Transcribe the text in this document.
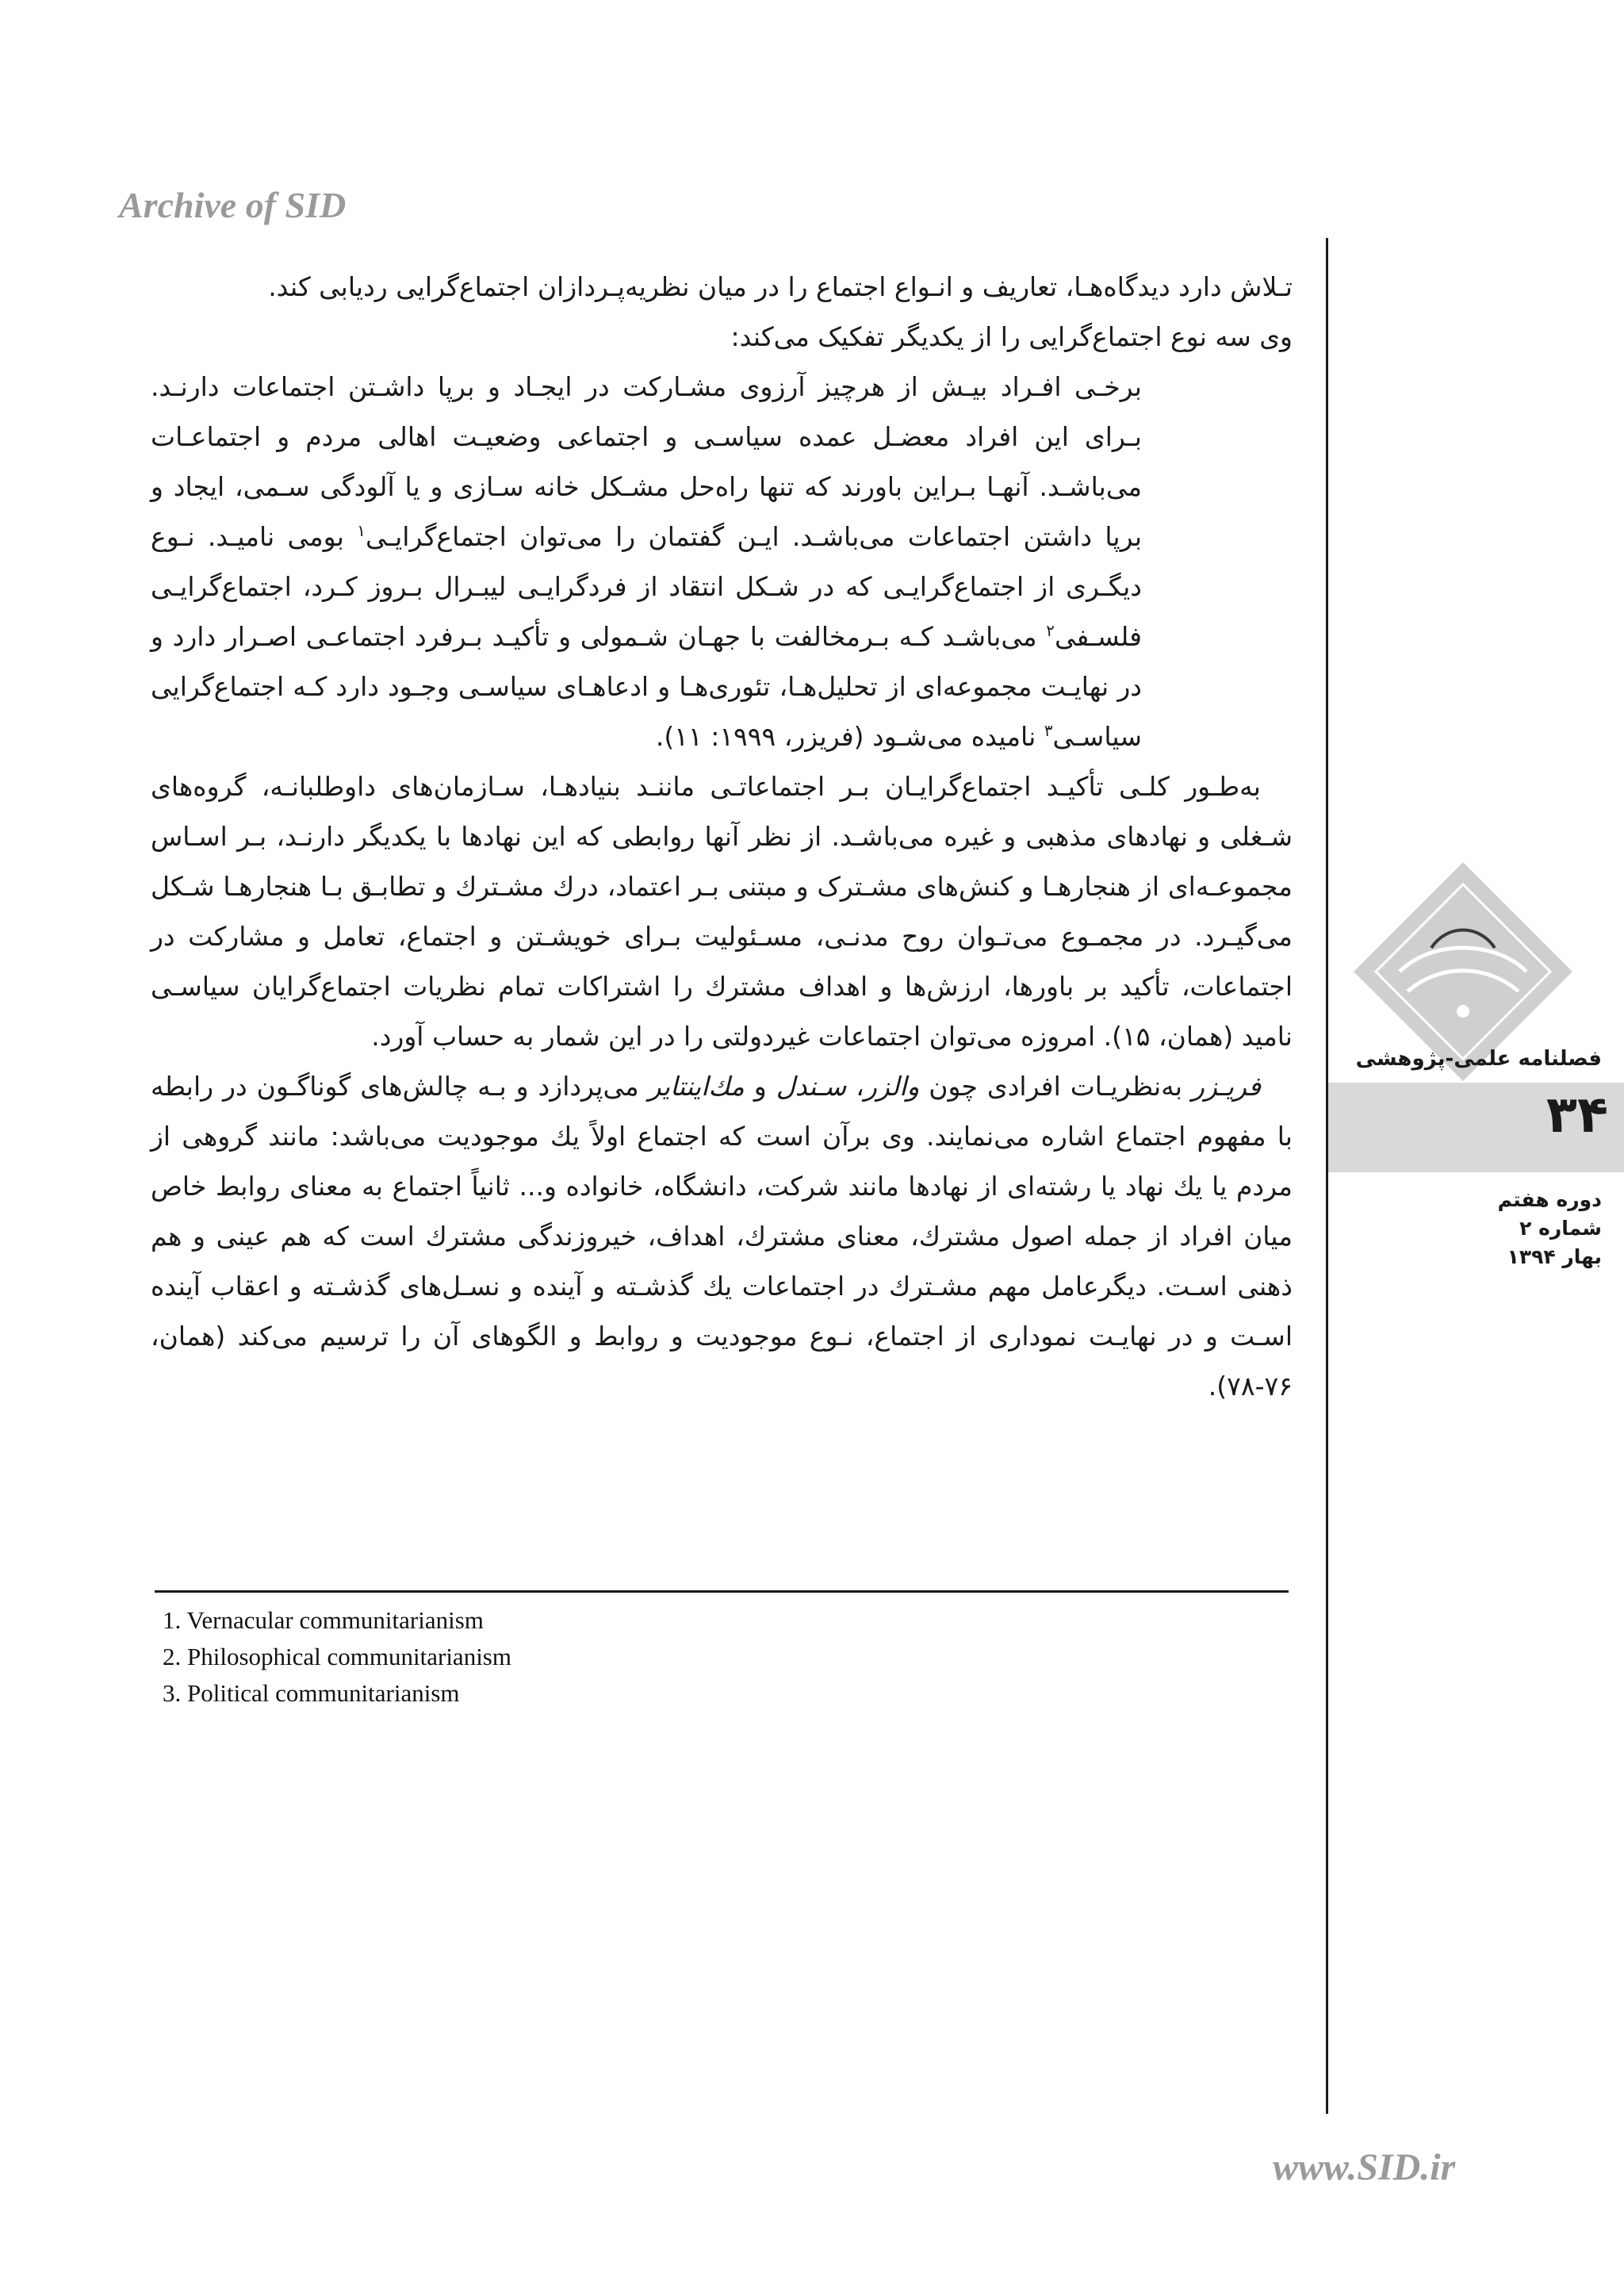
Archive of SID

تـلاش دارد دیدگاه‌هـا، تعاریف و انـواع اجتماع را در میان نظریه‌پـردازان اجتماع‌گرایی ردیابی کند.

وی سه نوع اجتماع‌گرایی را از یکدیگر تفکیک می‌کند:

برخـی افـراد بیـش از هرچیز آرزوی مشـارکت در ایجـاد و برپا داشـتن اجتماعات دارنـد. بـرای این افراد معضـل عمده سیاسـی و اجتماعی وضعیـت اهالی مردم و اجتماعـات می‌باشـد. آنهـا بـراین باورند که تنها راه‌حل مشـکل خانه سـازی و یا آلودگی سـمی، ایجاد و برپا داشتن اجتماعات می‌باشـد. ایـن گفتمان را می‌توان اجتماع‌گرایـی$^۱$ بومی نامیـد. نـوع دیگـری از اجتماع‌گرایـی که در شـکل انتقاد از فردگرایـی لیبـرال بـروز کـرد، اجتماع‌گرایـی فلسـفی$^۲$ می‌باشـد کـه بـرمخالفت با جهـان شـمولی و تأکیـد بـرفرد اجتماعـی اصـرار دارد و در نهایـت مجموعه‌ای از تحلیل‌هـا، تئوری‌هـا و ادعاهـای سیاسـی وجـود دارد کـه اجتماع‌گرایی سیاسـی$^۳$ نامیده می‌شـود (فریزر، ۱۹۹۹: ۱۱).

به‌طـور کلـی تأکیـد اجتماع‌گرایـان بـر اجتماعاتـی ماننـد بنیادهـا، سـازمان‌های داوطلبانـه، گروه‌های شـغلی و نهادهای مذهبی و غیره می‌باشـد. از نظر آنها روابطی که این نهادها با یکدیگر دارنـد، بـر اسـاس مجموعـه‌ای از هنجارهـا و کنش‌های مشـترک و مبتنی بـر اعتماد، درك مشـترك و تطابـق بـا هنجارهـا شـکل می‌گیـرد. در مجمـوع می‌تـوان روح مدنـی، مسـئولیت بـرای خویشـتن و اجتماع، تعامل و مشارکت در اجتماعات، تأکید بر باورها، ارزش‌ها و اهداف مشترك را اشتراکات تمام نظریات اجتماع‌گرایان سیاسـی نامید (همان، ۱۵). امروزه می‌توان اجتماعات غیردولتی را در این شمار به حساب آورد.

فریـزر به‌نظریـات افرادی چون والزر، سـندل و مك‌اینتایر می‌پردازد و بـه چالش‌های گوناگـون در رابطه با مفهوم اجتماع اشاره می‌نمایند. وی برآن است که اجتماع اولاً یك موجودیت می‌باشد: مانند گروهی از مردم یا یك نهاد یا رشته‌ای از نهادها مانند شرکت، دانشگاه، خانواده و... ثانیاً اجتماع به معنای روابط خاص میان افراد از جمله اصول مشترك، معنای مشترك، اهداف، خیروزندگی مشترك است که هم عینی و هم ذهنی اسـت. دیگرعامل مهم مشـترك در اجتماعات یك گذشـته و آینده و نسـل‌های گذشـته و اعقاب آینده اسـت و در نهایـت نموداری از اجتماع، نـوع موجودیت و روابط و الگوهای آن را ترسیم می‌کند (همان، ۷۶-۷۸).

1. Vernacular communitarianism
2. Philosophical communitarianism
3. Political communitarianism
فصلنامه علمی-پژوهشی
۳۴
دوره هفتم
شماره ۲
بهار ۱۳۹۴
www.SID.ir
